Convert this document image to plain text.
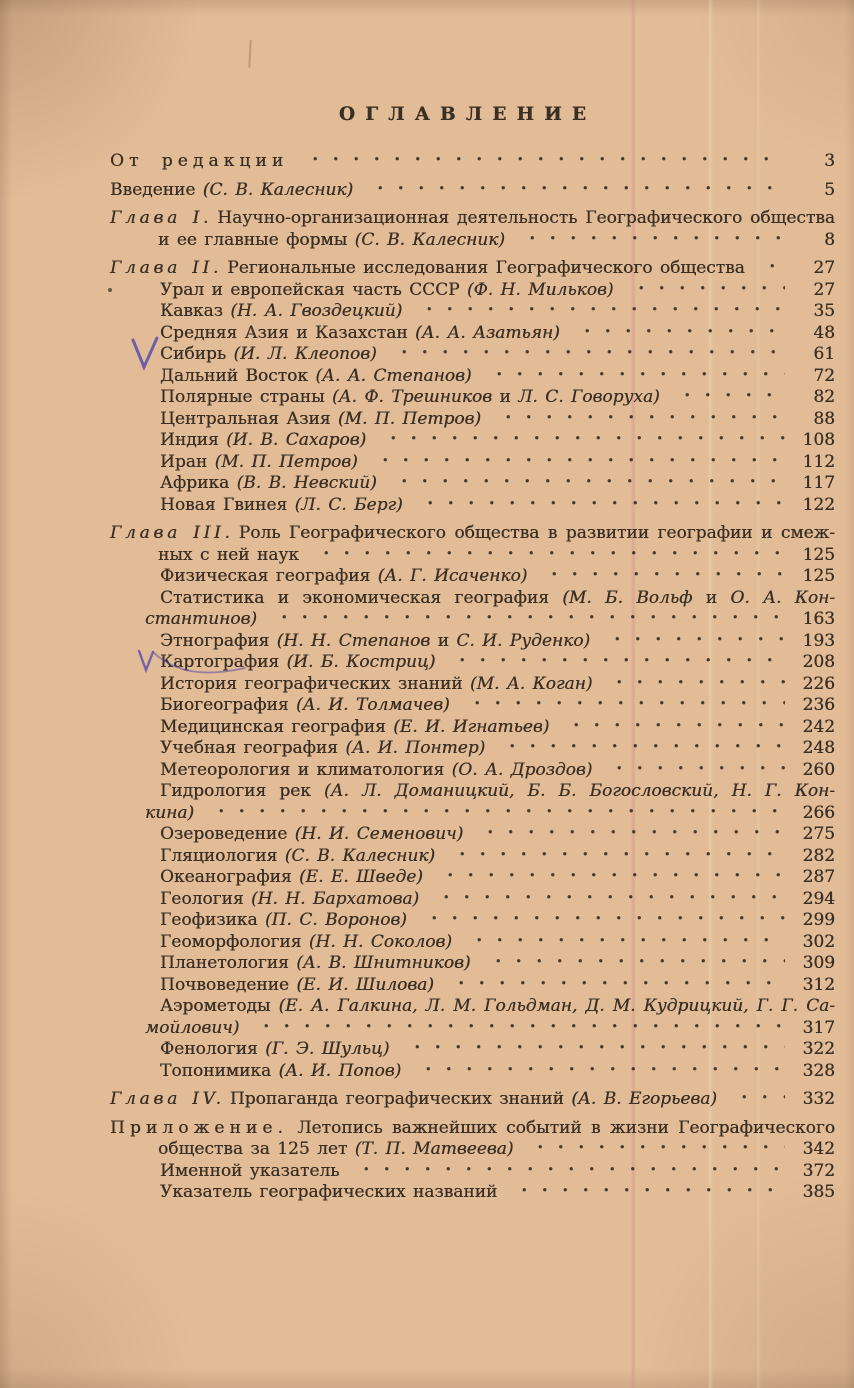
ОГЛАВЛЕНИЕ
От редакции	3
Введение (С. В. Калесник)	5
Глава I. Научно-организационная деятельность Географического общества
и ее главные формы (С. В. Калесник)	8
Глава II. Региональные исследования Географического общества	27
Урал и европейская часть СССР (Ф. Н. Мильков)	27
Кавказ (Н. А. Гвоздецкий)	35
Средняя Азия и Казахстан (А. А. Азатьян)	48
Сибирь (И. Л. Клеопов)	61
Дальний Восток (А. А. Степанов)	72
Полярные страны (А. Ф. Трешников и Л. С. Говоруха)	82
Центральная Азия (М. П. Петров)	88
Индия (И. В. Сахаров)	108
Иран (М. П. Петров)	112
Африка (В. В. Невский)	117
Новая Гвинея (Л. С. Берг)	122
Глава III. Роль Географического общества в развитии географии и смеж-
ных с ней наук	125
Физическая география (А. Г. Исаченко)	125
Статистика и экономическая география (М. Б. Вольф и О. А. Кон-
стантинов)	163
Этнография (Н. Н. Степанов и С. И. Руденко)	193
Картография (И. Б. Костриц)	208
История географических знаний (М. А. Коган)	226
Биогеография (А. И. Толмачев)	236
Медицинская география (Е. И. Игнатьев)	242
Учебная география (А. И. Понтер)	248
Метеорология и климатология (О. А. Дроздов)	260
Гидрология рек (А. Л. Доманицкий, Б. Б. Богословский, Н. Г. Кон-
кина)	266
Озероведение (Н. И. Семенович)	275
Гляциология (С. В. Калесник)	282
Океанография (Е. Е. Шведе)	287
Геология (Н. Н. Бархатова)	294
Геофизика (П. С. Воронов)	299
Геоморфология (Н. Н. Соколов)	302
Планетология (А. В. Шнитников)	309
Почвоведение (Е. И. Шилова)	312
Аэрометоды (Е. А. Галкина, Л. М. Гольдман, Д. М. Кудрицкий, Г. Г. Са-
мойлович)	317
Фенология (Г. Э. Шульц)	322
Топонимика (А. И. Попов)	328
Глава IV. Пропаганда географических знаний (А. В. Егорьева)	332
Приложение. Летопись важнейших событий в жизни Географического
общества за 125 лет (Т. П. Матвеева)	342
Именной указатель	372
Указатель географических названий	385
